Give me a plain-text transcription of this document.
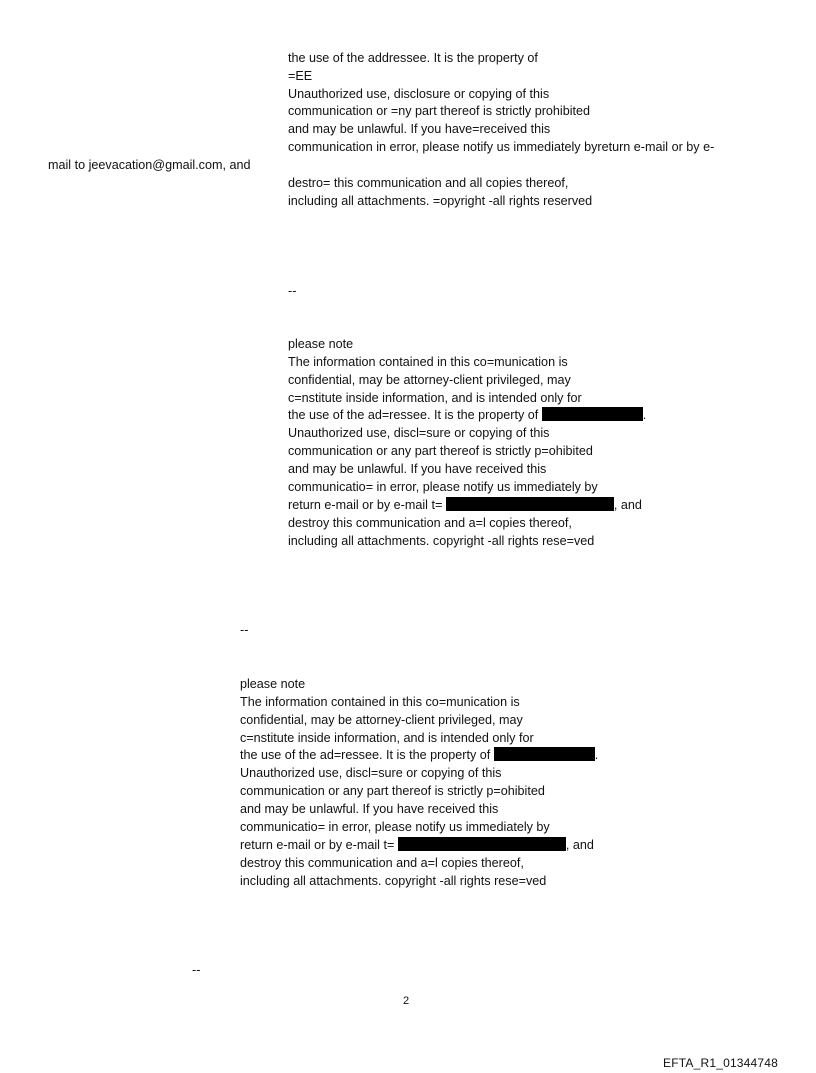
the use of the addressee. It is the property of
=EE
Unauthorized use, disclosure or copying of this
communication or =ny part thereof is strictly prohibited
and may be unlawful. If you have=received this
communication in error, please notify us immediately byreturn e-mail or by e-
mail to jeevacation@gmail.com, and
destro= this communication and all copies thereof,
including all attachments. =opyright -all rights reserved
--
please note
The information contained in this co=munication is
confidential, may be attorney-client privileged, may
c=nstitute inside information, and is intended only for
the use of the ad=ressee. It is the property of	.
Unauthorized use, discl=sure or copying of this
communication or any part thereof is strictly p=ohibited
and may be unlawful. If you have received this
communicatio= in error, please notify us immediately by
return e-mail or by e-mail t=	, and
destroy this communication and a=l copies thereof,
including all attachments. copyright -all rights rese=ved
--
please note
The information contained in this co=munication is
confidential, may be attorney-client privileged, may
c=nstitute inside information, and is intended only for
the use of the ad=ressee. It is the property of	.
Unauthorized use, discl=sure or copying of this
communication or any part thereof is strictly p=ohibited
and may be unlawful. If you have received this
communicatio= in error, please notify us immediately by
return e-mail or by e-mail t=	, and
destroy this communication and a=l copies thereof,
including all attachments. copyright -all rights rese=ved
--
2
EFTA_R1_01344748
